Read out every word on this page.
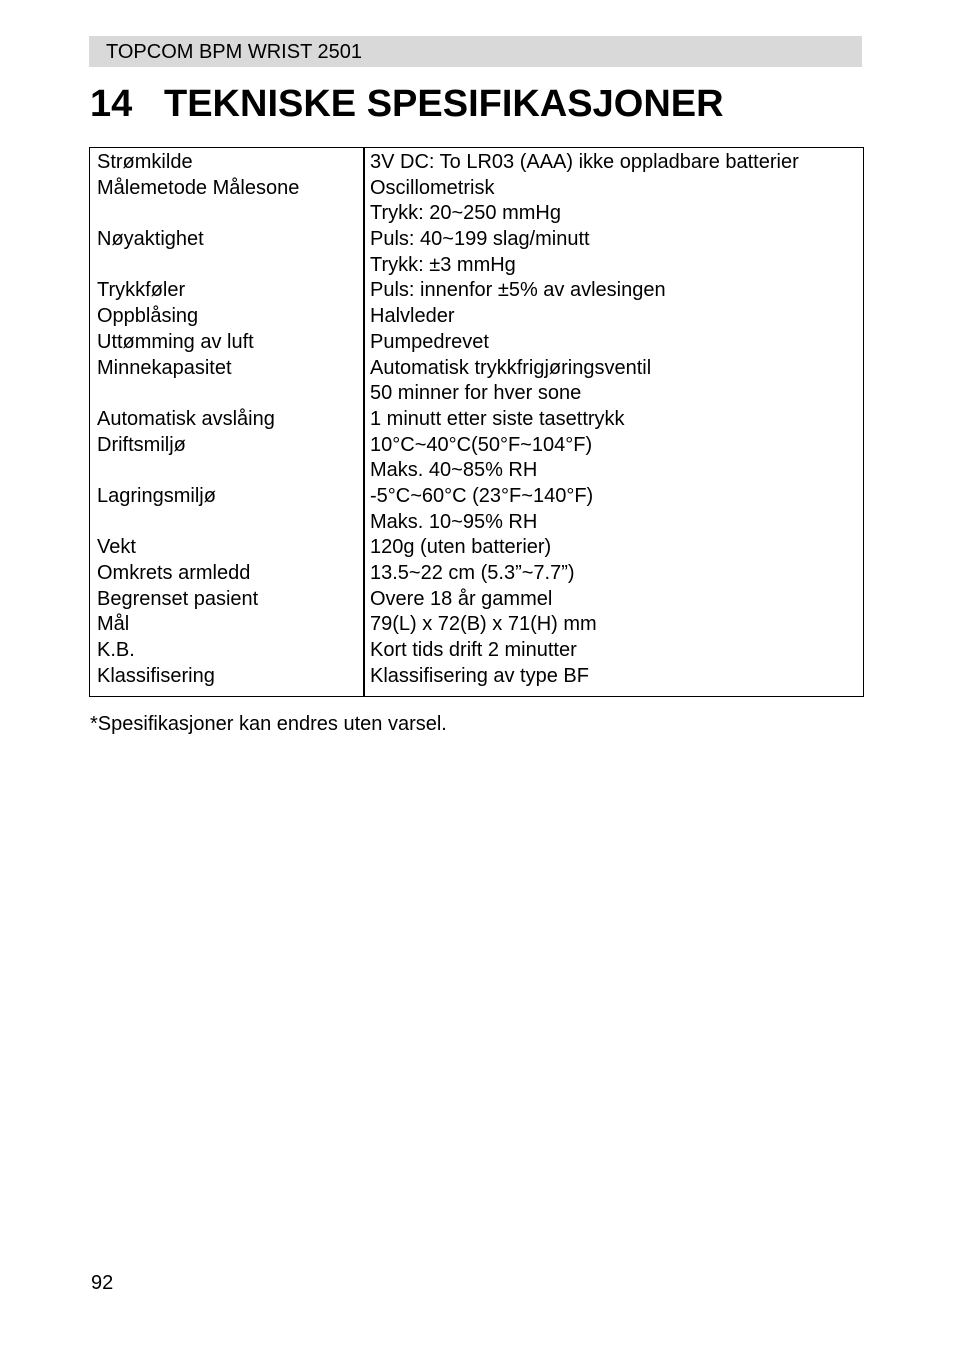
TOPCOM BPM WRIST 2501
14 TEKNISKE SPESIFIKASJONER
Strømkilde
Målemetode Målesone
Nøyaktighet
Trykkføler
Oppblåsing
Uttømming av luft
Minnekapasitet
Automatisk avslåing
Driftsmiljø
Lagringsmiljø
Vekt
Omkrets armledd
Begrenset pasient
Mål
K.B.
Klassifisering
3V DC: To LR03 (AAA) ikke oppladbare batterier
Oscillometrisk
Trykk: 20~250 mmHg
Puls: 40~199 slag/minutt
Trykk: ±3 mmHg
Puls: innenfor ±5% av avlesingen
Halvleder
Pumpedrevet
Automatisk trykkfrigjøringsventil
50 minner for hver sone
1 minutt etter siste tasettrykk
10°C~40°C(50°F~104°F)
Maks. 40~85% RH
-5°C~60°C (23°F~140°F)
Maks. 10~95% RH
120g (uten batterier)
13.5~22 cm (5.3”~7.7”)
Overe 18 år gammel
79(L) x 72(B) x 71(H) mm
Kort tids drift 2 minutter
Klassifisering av type BF
*Spesifikasjoner kan endres uten varsel.
92
